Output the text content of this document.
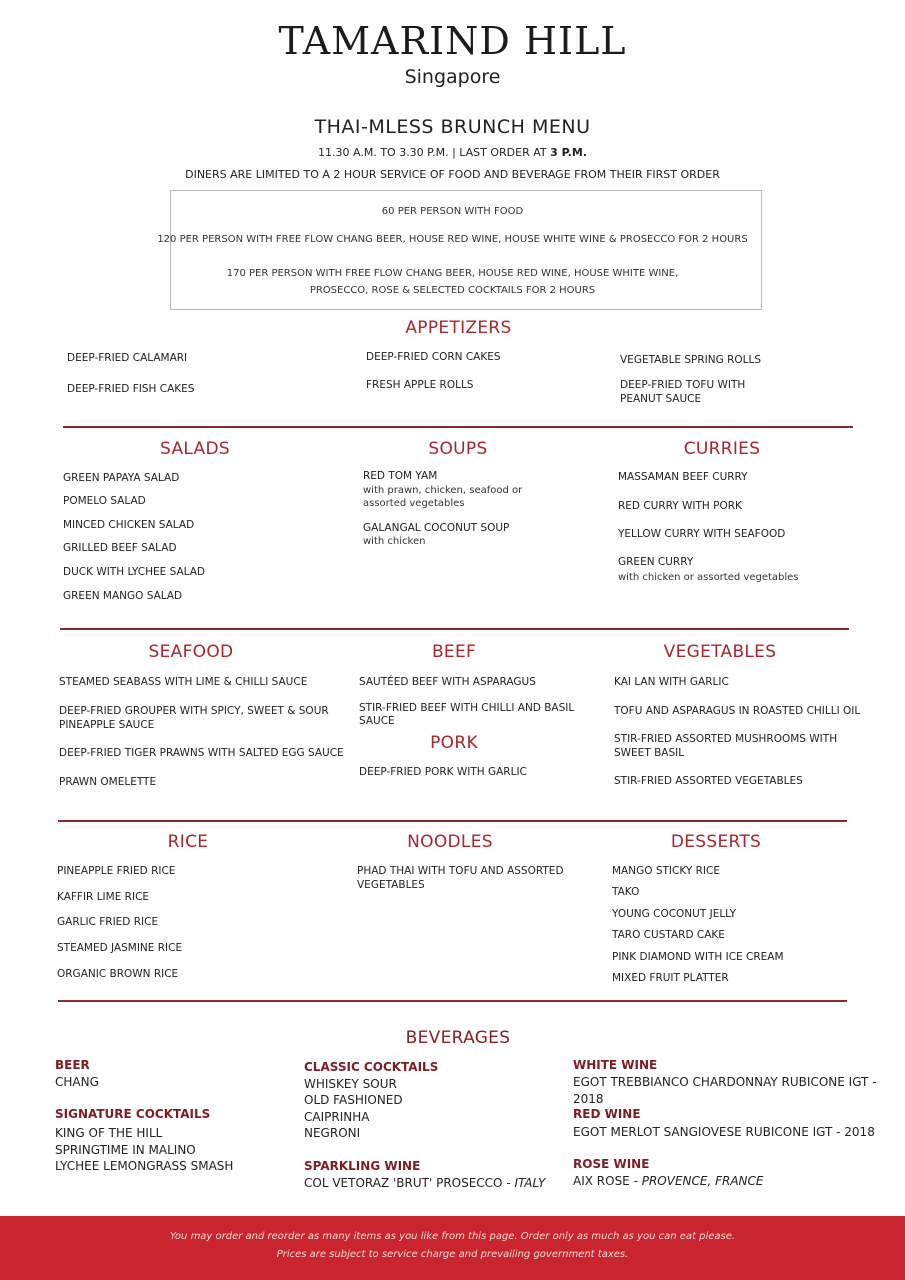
TAMARIND HILL
Singapore
THAI-MLESS BRUNCH MENU
11.30 A.M. TO 3.30 P.M. | LAST ORDER AT 3 P.M.
DINERS ARE LIMITED TO A 2 HOUR SERVICE OF FOOD AND BEVERAGE FROM THEIR FIRST ORDER
60 PER PERSON WITH FOOD
120 PER PERSON WITH FREE FLOW CHANG BEER, HOUSE RED WINE, HOUSE WHITE WINE & PROSECCO FOR 2 HOURS
170 PER PERSON WITH FREE FLOW CHANG BEER, HOUSE RED WINE, HOUSE WHITE WINE,
PROSECCO, ROSE & SELECTED COCKTAILS FOR 2 HOURS
APPETIZERS
DEEP-FRIED CALAMARI
DEEP-FRIED FISH CAKES
DEEP-FRIED CORN CAKES
FRESH APPLE ROLLS
VEGETABLE SPRING ROLLS
DEEP-FRIED TOFU WITH
PEANUT SAUCE
SALADS
GREEN PAPAYA SALAD
POMELO SALAD
MINCED CHICKEN SALAD
GRILLED BEEF SALAD
DUCK WITH LYCHEE SALAD
GREEN MANGO SALAD
SOUPS
RED TOM YAM
with prawn, chicken, seafood or
assorted vegetables
GALANGAL COCONUT SOUP
with chicken
CURRIES
MASSAMAN BEEF CURRY
RED CURRY WITH PORK
YELLOW CURRY WITH SEAFOOD
GREEN CURRY
with chicken or assorted vegetables
SEAFOOD
STEAMED SEABASS WITH LIME & CHILLI SAUCE
DEEP-FRIED GROUPER WITH SPICY, SWEET & SOUR
PINEAPPLE SAUCE
DEEP-FRIED TIGER PRAWNS WITH SALTED EGG SAUCE
PRAWN OMELETTE
BEEF
SAUTÉED BEEF WITH ASPARAGUS
STIR-FRIED BEEF WITH CHILLI AND BASIL
SAUCE
PORK
DEEP-FRIED PORK WITH GARLIC
VEGETABLES
KAI LAN WITH GARLIC
TOFU AND ASPARAGUS IN ROASTED CHILLI OIL
STIR-FRIED ASSORTED MUSHROOMS WITH
SWEET BASIL
STIR-FRIED ASSORTED VEGETABLES
RICE
PINEAPPLE FRIED RICE
KAFFIR LIME RICE
GARLIC FRIED RICE
STEAMED JASMINE RICE
ORGANIC BROWN RICE
NOODLES
PHAD THAI WITH TOFU AND ASSORTED
VEGETABLES
DESSERTS
MANGO STICKY RICE
TAKO
YOUNG COCONUT JELLY
TARO CUSTARD CAKE
PINK DIAMOND WITH ICE CREAM
MIXED FRUIT PLATTER
BEVERAGES
BEER
CHANG
SIGNATURE COCKTAILS
KING OF THE HILL
SPRINGTIME IN MALINO
LYCHEE LEMONGRASS SMASH
CLASSIC COCKTAILS
WHISKEY SOUR
OLD FASHIONED
CAIPRINHA
NEGRONI
SPARKLING WINE
COL VETORAZ 'BRUT' PROSECCO - ITALY
WHITE WINE
EGOT TREBBIANCO CHARDONNAY RUBICONE IGT - 2018
RED WINE
EGOT MERLOT SANGIOVESE RUBICONE IGT - 2018
ROSE WINE
AIX ROSE - PROVENCE, FRANCE
You may order and reorder as many items as you like from this page. Order only as much as you can eat please.
Prices are subject to service charge and prevailing government taxes.
